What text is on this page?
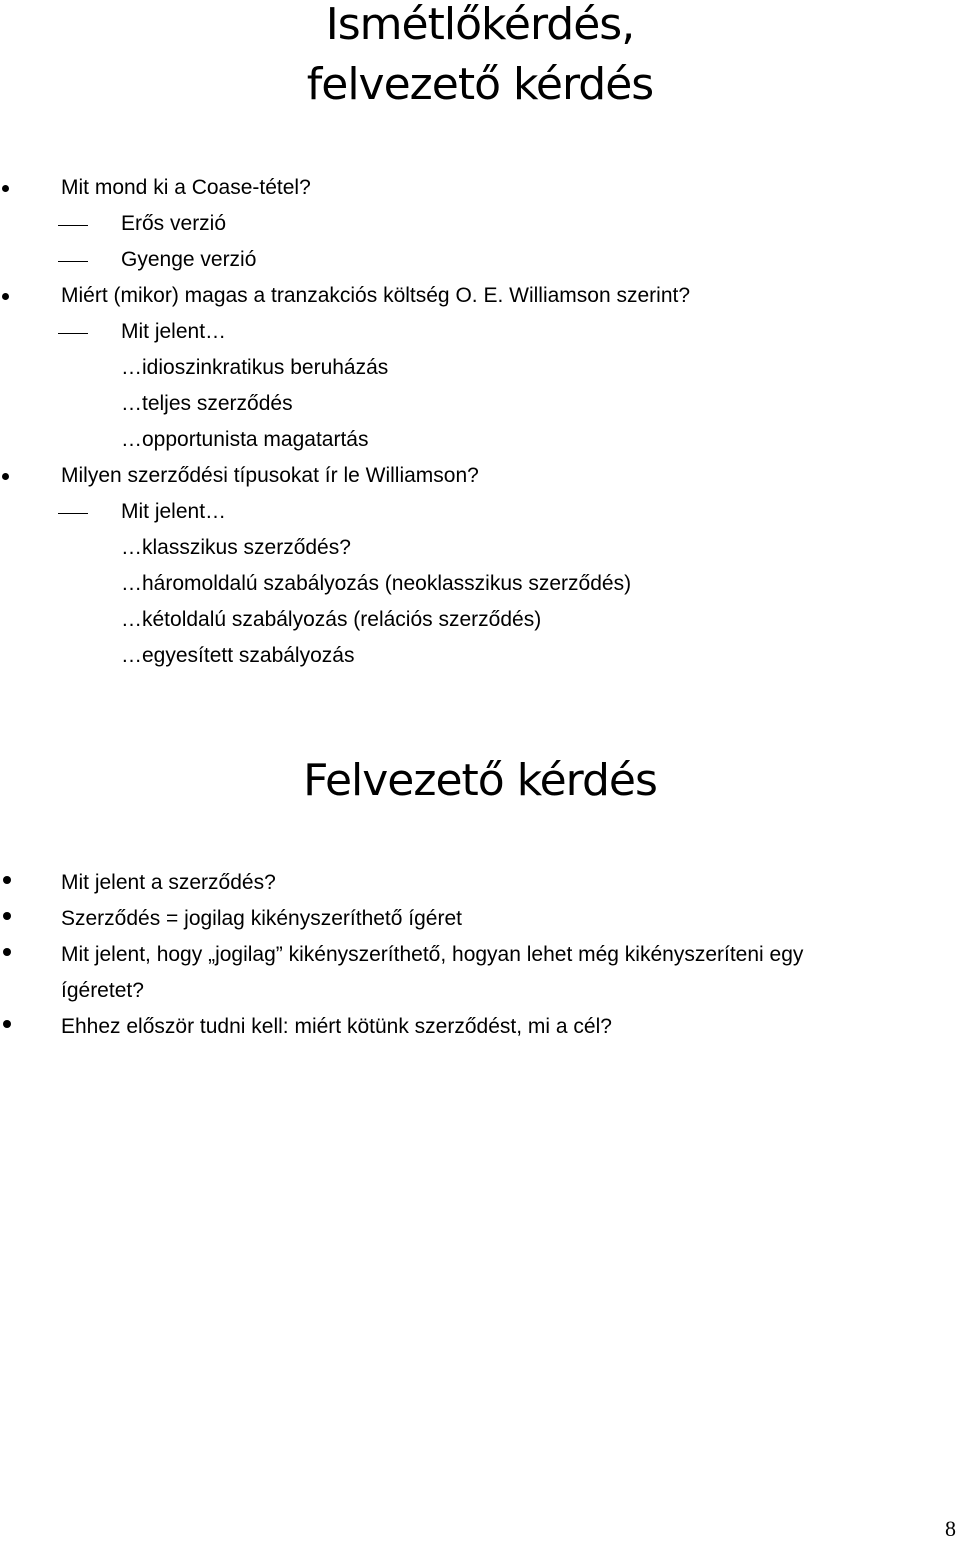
Ismétlőkérdés,
felvezető kérdés
Mit mond ki a Coase-tétel?
Erős verzió
Gyenge verzió
Miért (mikor) magas a tranzakciós költség O. E. Williamson szerint?
Mit jelent…
…idioszinkratikus beruházás
…teljes szerződés
…opportunista magatartás
Milyen szerződési típusokat ír le Williamson?
Mit jelent…
…klasszikus szerződés?
…háromoldalú szabályozás (neoklasszikus szerződés)
…kétoldalú szabályozás (relációs szerződés)
…egyesített szabályozás
Felvezető kérdés
Mit jelent a szerződés?
Szerződés = jogilag kikényszeríthető ígéret
Mit jelent, hogy „jogilag” kikényszeríthető, hogyan lehet még kikényszeríteni egy
ígéretet?
Ehhez először tudni kell: miért kötünk szerződést, mi a cél?
8
